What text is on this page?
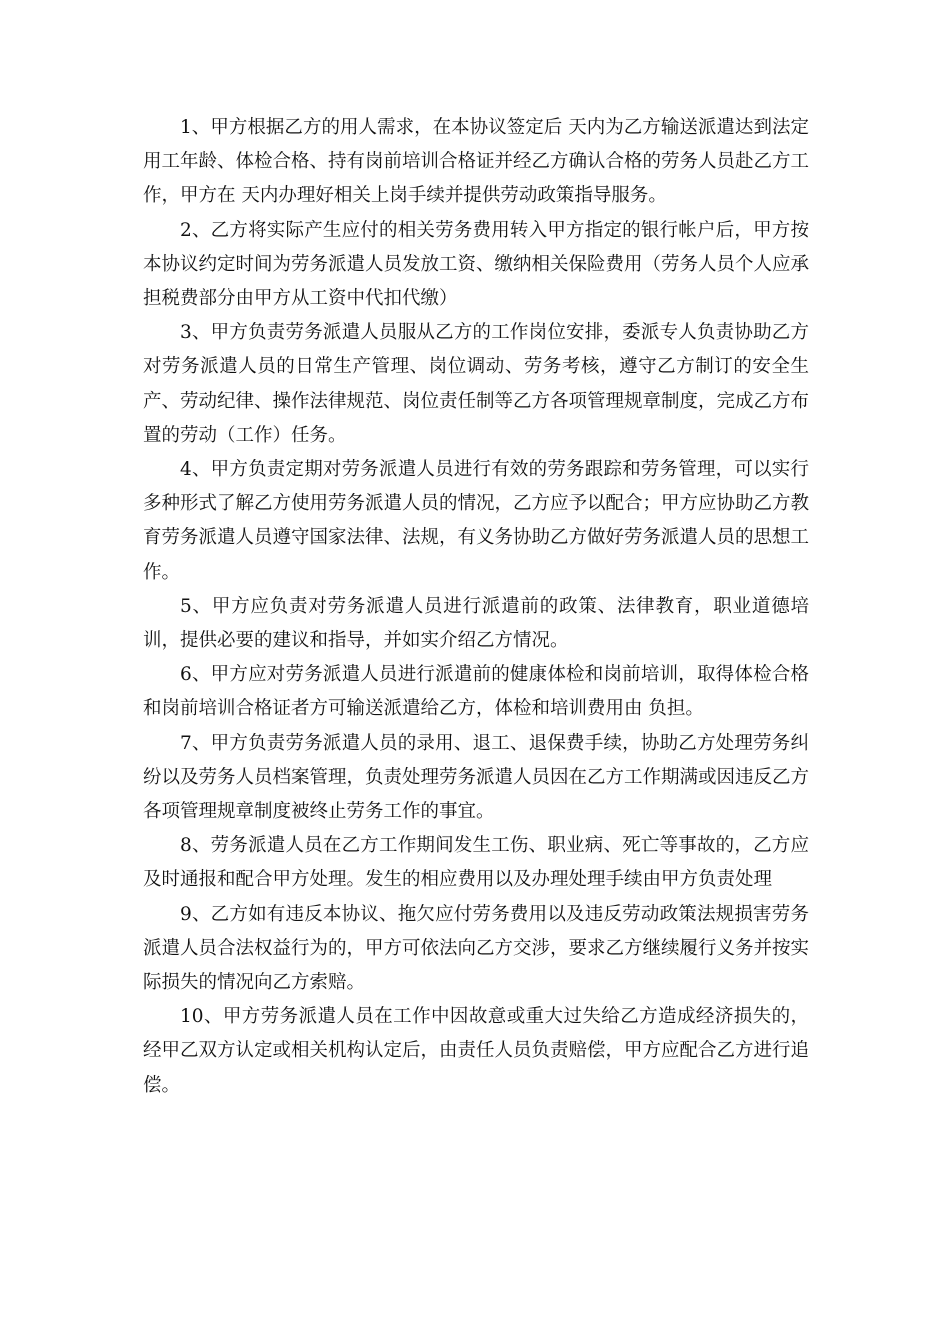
1、甲方根据乙方的用人需求，在本协议签定后 天内为乙方输送派遣达到法定用工年龄、体检合格、持有岗前培训合格证并经乙方确认合格的劳务人员赴乙方工作，甲方在 天内办理好相关上岗手续并提供劳动政策指导服务。

2、乙方将实际产生应付的相关劳务费用转入甲方指定的银行帐户后，甲方按本协议约定时间为劳务派遣人员发放工资、缴纳相关保险费用（劳务人员个人应承担税费部分由甲方从工资中代扣代缴）

3、甲方负责劳务派遣人员服从乙方的工作岗位安排，委派专人负责协助乙方对劳务派遣人员的日常生产管理、岗位调动、劳务考核，遵守乙方制订的安全生产、劳动纪律、操作法律规范、岗位责任制等乙方各项管理规章制度，完成乙方布置的劳动（工作）任务。

4、甲方负责定期对劳务派遣人员进行有效的劳务跟踪和劳务管理，可以实行多种形式了解乙方使用劳务派遣人员的情况，乙方应予以配合；甲方应协助乙方教育劳务派遣人员遵守国家法律、法规，有义务协助乙方做好劳务派遣人员的思想工作。

5、甲方应负责对劳务派遣人员进行派遣前的政策、法律教育，职业道德培训，提供必要的建议和指导，并如实介绍乙方情况。

6、甲方应对劳务派遣人员进行派遣前的健康体检和岗前培训，取得体检合格和岗前培训合格证者方可输送派遣给乙方，体检和培训费用由 负担。

7、甲方负责劳务派遣人员的录用、退工、退保费手续，协助乙方处理劳务纠纷以及劳务人员档案管理，负责处理劳务派遣人员因在乙方工作期满或因违反乙方各项管理规章制度被终止劳务工作的事宜。

8、劳务派遣人员在乙方工作期间发生工伤、职业病、死亡等事故的，乙方应及时通报和配合甲方处理。发生的相应费用以及办理处理手续由甲方负责处理

9、乙方如有违反本协议、拖欠应付劳务费用以及违反劳动政策法规损害劳务派遣人员合法权益行为的，甲方可依法向乙方交涉，要求乙方继续履行义务并按实际损失的情况向乙方索赔。

10、甲方劳务派遣人员在工作中因故意或重大过失给乙方造成经济损失的，经甲乙双方认定或相关机构认定后，由责任人员负责赔偿，甲方应配合乙方进行追偿。
